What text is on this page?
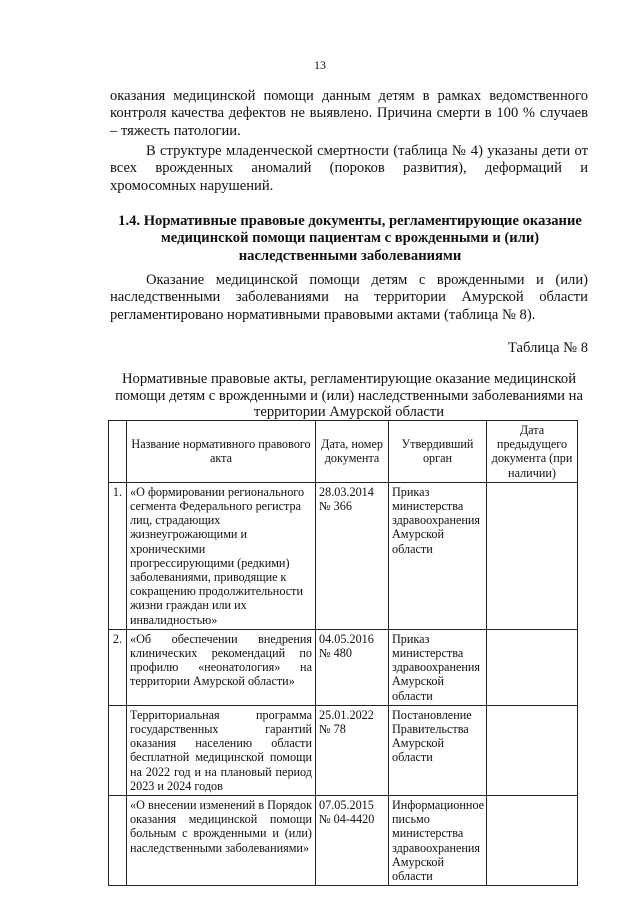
13

оказания медицинской помощи данным детям в рамках ведомственного контроля качества дефектов не выявлено. Причина смерти в 100 % случаев – тяжесть патологии.

В структуре младенческой смертности (таблица № 4) указаны дети от всех врожденных аномалий (пороков развития), деформаций и хромосомных нарушений.

1.4. Нормативные правовые документы, регламентирующие оказание медицинской помощи пациентам с врожденными и (или) наследственными заболеваниями

Оказание медицинской помощи детям с врожденными и (или) наследственными заболеваниями на территории Амурской области регламентировано нормативными правовыми актами (таблица № 8).

Таблица № 8

Нормативные правовые акты, регламентирующие оказание медицинской помощи детям с врожденными и (или) наследственными заболеваниями на территории Амурской области

	Название нормативного правового акта	Дата, номер документа	Утвердивший орган	Дата предыдущего документа (при наличии)
1.	«О формировании регионального сегмента Федерального регистра лиц, страдающих жизнеугрожающими и хроническими прогрессирующими (редкими) заболеваниями, приводящие к сокращению продолжительности жизни граждан или их инвалидностью»	28.03.2014 № 366	Приказ министерства здравоохранения Амурской области	
2.	«Об обеспечении внедрения клинических рекомендаций по профилю «неонатология» на территории Амурской области»	04.05.2016 № 480	Приказ министерства здравоохранения Амурской области	
	Территориальная программа государственных гарантий оказания населению области бесплатной медицинской помощи на 2022 год и на плановый период 2023 и 2024 годов	25.01.2022 № 78	Постановление Правительства Амурской области	
	«О внесении изменений в Порядок оказания медицинской помощи больным с врожденными и (или) наследственными заболеваниями»	07.05.2015 № 04-4420	Информационное письмо министерства здравоохранения Амурской области	
